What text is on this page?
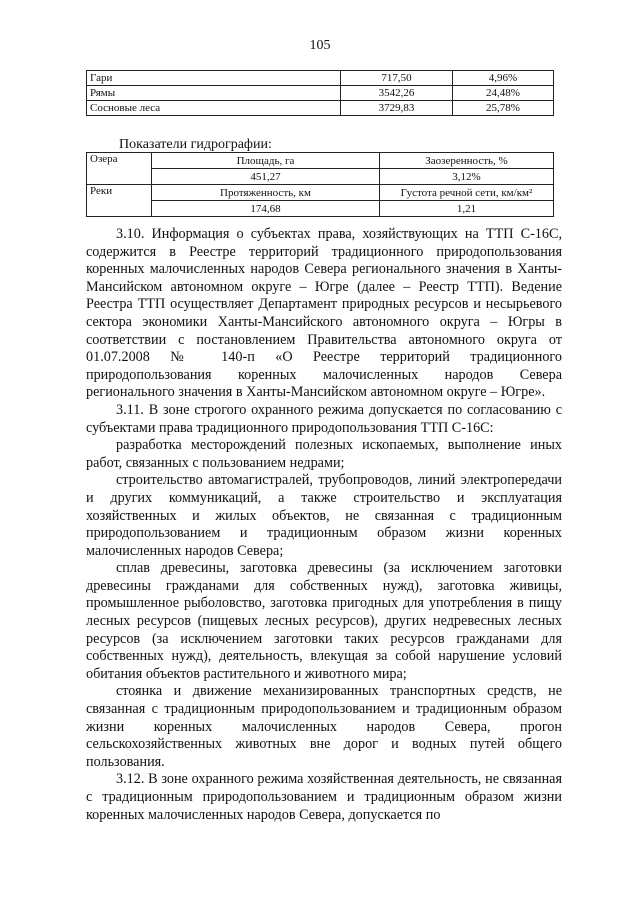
105
Гари	717,50	4,96%
Рямы	3542,26	24,48%
Сосновые леса	3729,83	25,78%
Показатели гидрографии:
Озера	Площадь, га	Заозеренность, %
	451,27	3,12%
Реки	Протяженность, км	Густота речной сети, км/км²
	174,68	1,21

3.10. Информация о субъектах права, хозяйствующих на ТТП С-16С, содержится в Реестре территорий традиционного природопользования коренных малочисленных народов Севера регионального значения в Ханты-Мансийском автономном округе – Югре (далее – Реестр ТТП). Ведение Реестра ТТП осуществляет Департамент природных ресурсов и несырьевого сектора экономики Ханты-Мансийского автономного округа – Югры в соответствии с постановлением Правительства автономного округа от 01.07.2008 № 140-п «О Реестре территорий традиционного природопользования коренных малочисленных народов Севера регионального значения в Ханты-Мансийском автономном округе – Югре».

3.11. В зоне строгого охранного режима допускается по согласованию с субъектами права традиционного природопользования ТТП С-16С:

разработка месторождений полезных ископаемых, выполнение иных работ, связанных с пользованием недрами;

строительство автомагистралей, трубопроводов, линий электропередачи и других коммуникаций, а также строительство и эксплуатация хозяйственных и жилых объектов, не связанная с традиционным природопользованием и традиционным образом жизни коренных малочисленных народов Севера;

сплав древесины, заготовка древесины (за исключением заготовки древесины гражданами для собственных нужд), заготовка живицы, промышленное рыболовство, заготовка пригодных для употребления в пищу лесных ресурсов (пищевых лесных ресурсов), других недревесных лесных ресурсов (за исключением заготовки таких ресурсов гражданами для собственных нужд), деятельность, влекущая за собой нарушение условий обитания объектов растительного и животного мира;

стоянка и движение механизированных транспортных средств, не связанная с традиционным природопользованием и традиционным образом жизни коренных малочисленных народов Севера, прогон сельскохозяйственных животных вне дорог и водных путей общего пользования.

3.12. В зоне охранного режима хозяйственная деятельность, не связанная с традиционным природопользованием и традиционным образом жизни коренных малочисленных народов Севера, допускается по
